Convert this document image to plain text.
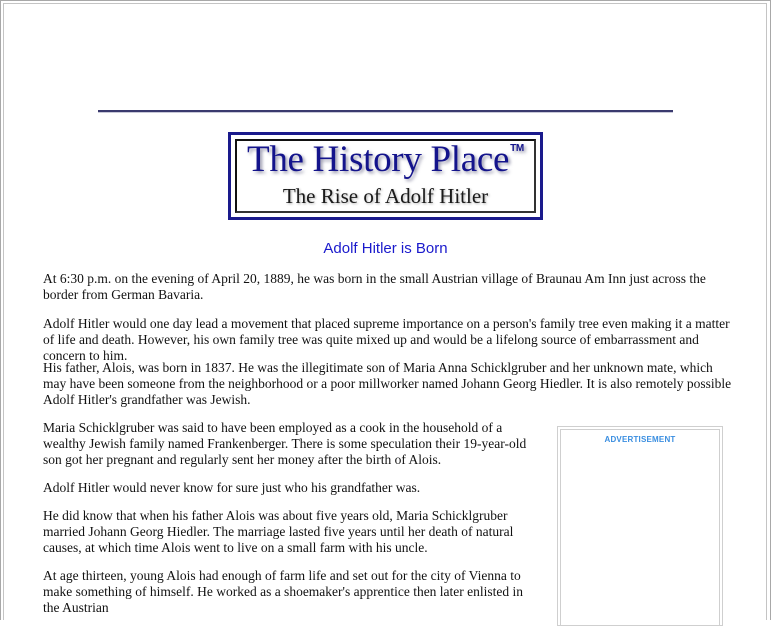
The History Place™
The Rise of Adolf Hitler
Adolf Hitler is Born

At 6:30 p.m. on the evening of April 20, 1889, he was born in the small Austrian village of Braunau Am Inn just across the border from German Bavaria.

Adolf Hitler would one day lead a movement that placed supreme importance on a person's family tree even making it a matter of life and death. However, his own family tree was quite mixed up and would be a lifelong source of embarrassment and concern to him.

His father, Alois, was born in 1837. He was the illegitimate son of Maria Anna Schicklgruber and her unknown mate, which may have been someone from the neighborhood or a poor millworker named Johann Georg Hiedler. It is also remotely possible Adolf Hitler's grandfather was Jewish.

Maria Schicklgruber was said to have been employed as a cook in the household of a wealthy Jewish family named Frankenberger. There is some speculation their 19-year-old son got her pregnant and regularly sent her money after the birth of Alois.

Adolf Hitler would never know for sure just who his grandfather was.

He did know that when his father Alois was about five years old, Maria Schicklgruber married Johann Georg Hiedler. The marriage lasted five years until her death of natural causes, at which time Alois went to live on a small farm with his uncle.

At age thirteen, young Alois had enough of farm life and set out for the city of Vienna to make something of himself. He worked as a shoemaker's apprentice then later enlisted in the Austrian

ADVERTISEMENT
